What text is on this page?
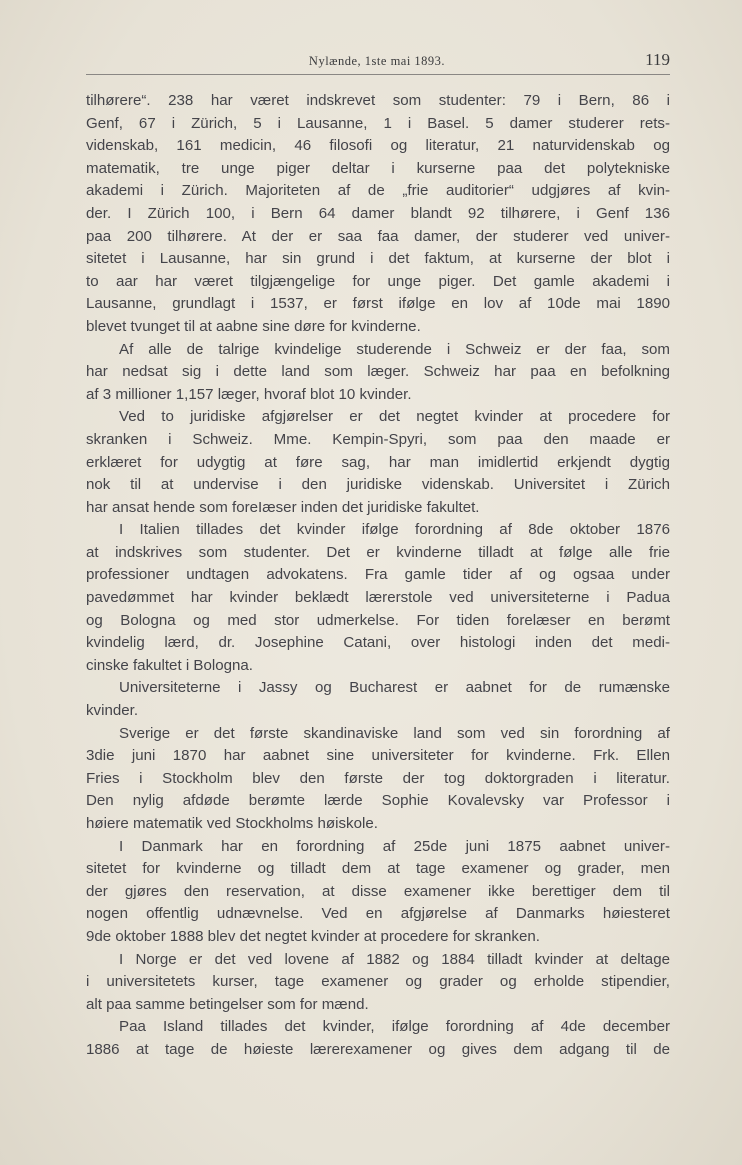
Nylænde, 1ste mai 1893.	119
tilhørere“. 238 har været indskrevet som studenter: 79 i Bern, 86 i
Genf, 67 i Zürich, 5 i Lausanne, 1 i Basel. 5 damer studerer rets-
videnskab, 161 medicin, 46 filosofi og literatur, 21 naturvidenskab og
matematik, tre unge piger deltar i kurserne paa det polytekniske
akademi i Zürich. Majoriteten af de „frie auditorier“ udgjøres af kvin-
der. I Zürich 100, i Bern 64 damer blandt 92 tilhørere, i Genf 136
paa 200 tilhørere. At der er saa faa damer, der studerer ved univer-
sitetet i Lausanne, har sin grund i det faktum, at kurserne der blot i
to aar har været tilgjængelige for unge piger. Det gamle akademi i
Lausanne, grundlagt i 1537, er først ifølge en lov af 10de mai 1890
blevet tvunget til at aabne sine døre for kvinderne.
Af alle de talrige kvindelige studerende i Schweiz er der faa, som
har nedsat sig i dette land som læger. Schweiz har paa en befolkning
af 3 millioner 1,157 læger, hvoraf blot 10 kvinder.
Ved to juridiske afgjørelser er det negtet kvinder at procedere for
skranken i Schweiz. Mme. Kempin-Spyri, som paa den maade er
erklæret for udygtig at føre sag, har man imidlertid erkjendt dygtig
nok til at undervise i den juridiske videnskab. Universitet i Zürich
har ansat hende som foreIæser inden det juridiske fakultet.
I Italien tillades det kvinder ifølge forordning af 8de oktober 1876
at indskrives som studenter. Det er kvinderne tilladt at følge alle frie
professioner undtagen advokatens. Fra gamle tider af og ogsaa under
pavedømmet har kvinder beklædt lærerstole ved universiteterne i Padua
og Bologna og med stor udmerkelse. For tiden forelæser en berømt
kvindelig lærd, dr. Josephine Catani, over histologi inden det medi-
cinske fakultet i Bologna.
Universiteterne i Jassy og Bucharest er aabnet for de rumænske
kvinder.
Sverige er det første skandinaviske land som ved sin forordning af
3die juni 1870 har aabnet sine universiteter for kvinderne. Frk. Ellen
Fries i Stockholm blev den første der tog doktorgraden i literatur.
Den nylig afdøde berømte lærde Sophie Kovalevsky var Professor i
høiere matematik ved Stockholms høiskole.
I Danmark har en forordning af 25de juni 1875 aabnet univer-
sitetet for kvinderne og tilladt dem at tage examener og grader, men
der gjøres den reservation, at disse examener ikke berettiger dem til
nogen offentlig udnævnelse. Ved en afgjørelse af Danmarks høiesteret
9de oktober 1888 blev det negtet kvinder at procedere for skranken.
I Norge er det ved lovene af 1882 og 1884 tilladt kvinder at deltage
i universitetets kurser, tage examener og grader og erholde stipendier,
alt paa samme betingelser som for mænd.
Paa Island tillades det kvinder, ifølge forordning af 4de december
1886 at tage de høieste lærerexamener og gives dem adgang til de
